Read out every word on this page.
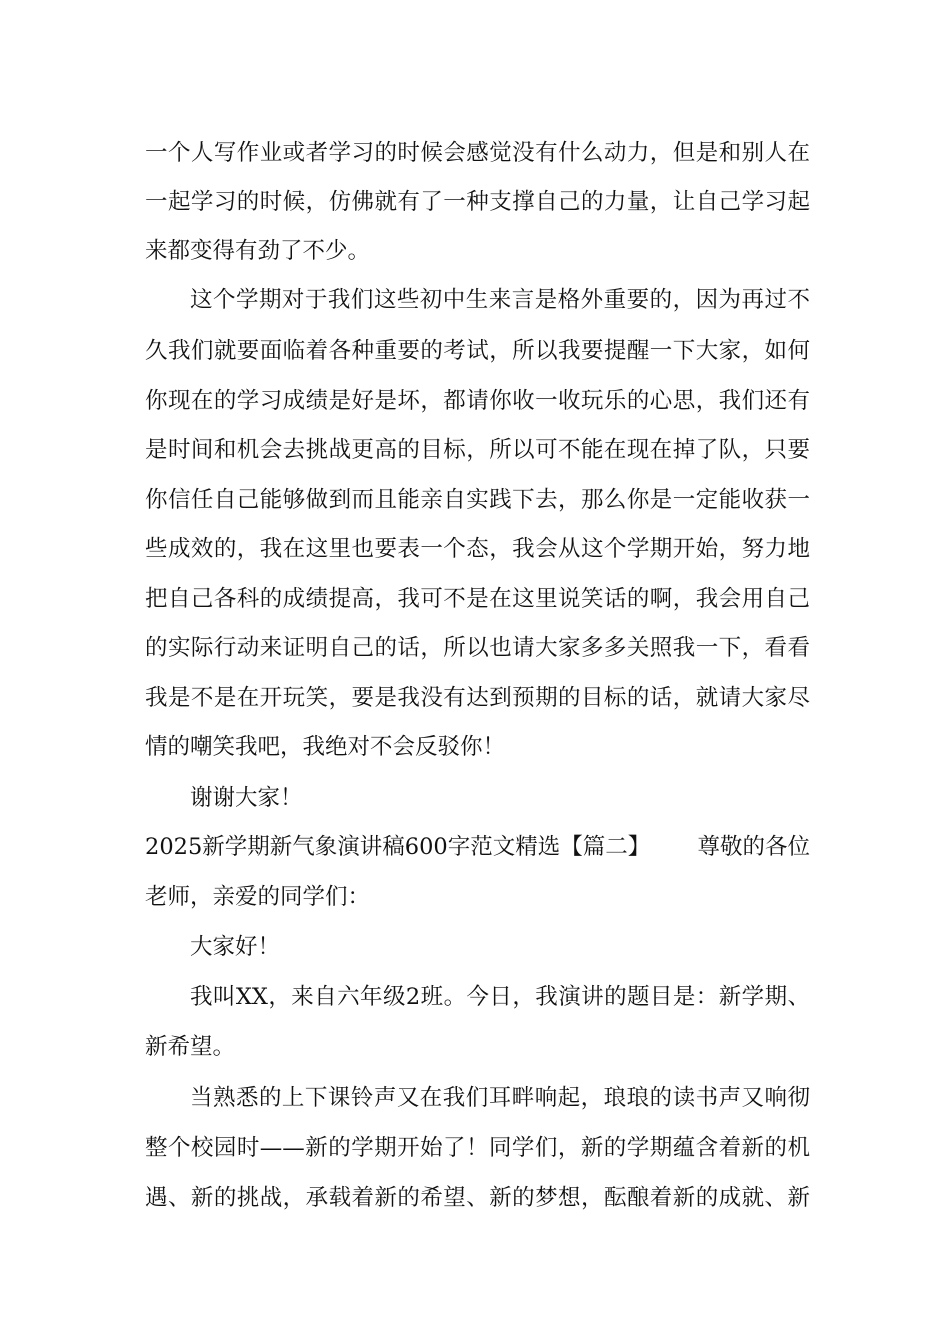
一个人写作业或者学习的时候会感觉没有什么动力，但是和别人在
一起学习的时候，仿佛就有了一种支撑自己的力量，让自己学习起
来都变得有劲了不少。
这个学期对于我们这些初中生来言是格外重要的，因为再过不
久我们就要面临着各种重要的考试，所以我要提醒一下大家，如何
你现在的学习成绩是好是坏，都请你收一收玩乐的心思，我们还有
是时间和机会去挑战更高的目标，所以可不能在现在掉了队，只要
你信任自己能够做到而且能亲自实践下去，那么你是一定能收获一
些成效的，我在这里也要表一个态，我会从这个学期开始，努力地
把自己各科的成绩提高，我可不是在这里说笑话的啊，我会用自己
的实际行动来证明自己的话，所以也请大家多多关照我一下，看看
我是不是在开玩笑，要是我没有达到预期的目标的话，就请大家尽
情的嘲笑我吧，我绝对不会反驳你！
谢谢大家！
2025新学期新气象演讲稿600字范文精选【篇二】 尊敬的各位
老师，亲爱的同学们：
大家好！
我叫XX，来自六年级2班。今日，我演讲的题目是：新学期、
新希望。
当熟悉的上下课铃声又在我们耳畔响起，琅琅的读书声又响彻
整个校园时——新的学期开始了！同学们，新的学期蕴含着新的机
遇、新的挑战，承载着新的希望、新的梦想，酝酿着新的成就、新
